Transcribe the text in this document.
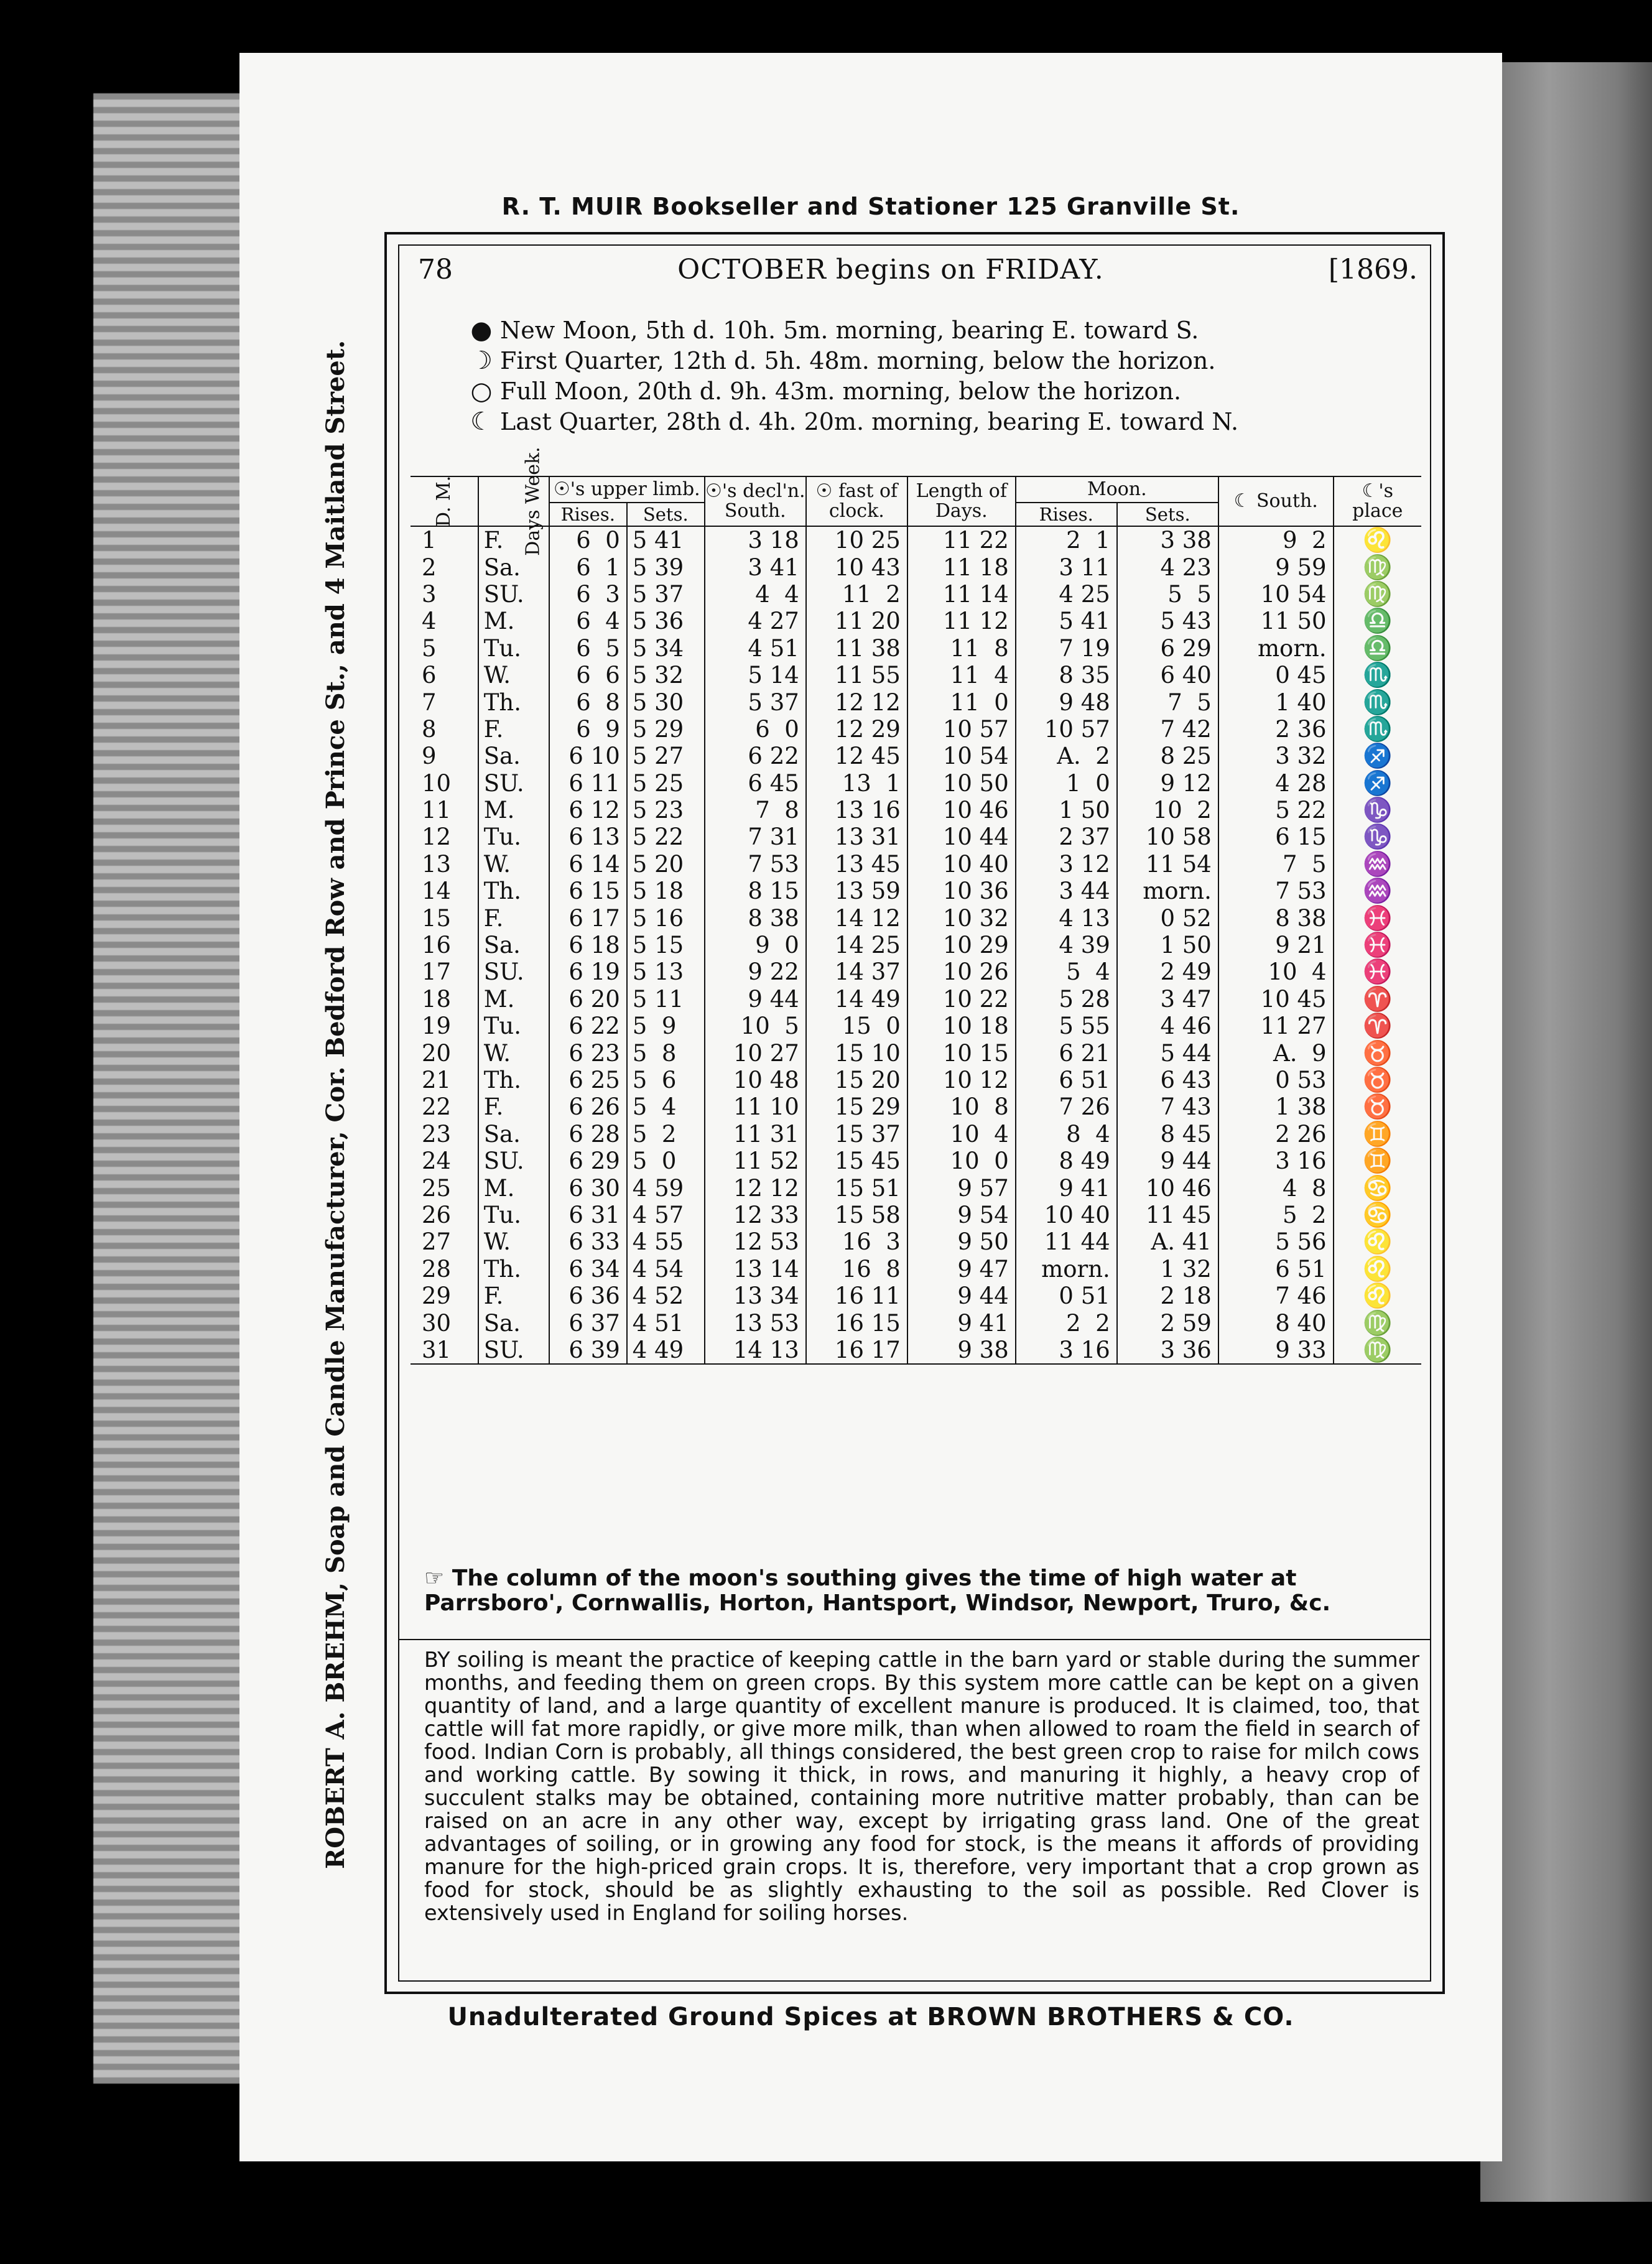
R. T. MUIR Bookseller and Stationer 125 Granville St.
ROBERT A. BREHM, Soap and Candle Manufacturer, Cor. Bedford Row and Prince St., and 4 Maitland Street.
78	OCTOBER begins on FRIDAY.	[1869.
● New Moon, 5th d. 10h. 5m. morning, bearing E. toward S.
☽ First Quarter, 12th d. 5h. 48m. morning, below the horizon.
○ Full Moon, 20th d. 9h. 43m. morning, below the horizon.
☾ Last Quarter, 28th d. 4h. 20m. morning, bearing E. toward N.
D. M.	Days Week.	☉'s upper limb.		☉'s decl'n. South.	☉ fast of clock.	Length of Days.	Moon.		☾ South.	☾'s place
		Rises.	Sets.				Rises.	Sets.		
1	F.	6  0	5 41	3 18	10 25	11 22	2  1	3 38	9  2	♌
2	Sa.	6  1	5 39	3 41	10 43	11 18	3 11	4 23	9 59	♍
3	SU.	6  3	5 37	4  4	11  2	11 14	4 25	5  5	10 54	♍
4	M.	6  4	5 36	4 27	11 20	11 12	5 41	5 43	11 50	♎
5	Tu.	6  5	5 34	4 51	11 38	11  8	7 19	6 29	morn.	♎
6	W.	6  6	5 32	5 14	11 55	11  4	8 35	6 40	0 45	♏
7	Th.	6  8	5 30	5 37	12 12	11  0	9 48	7  5	1 40	♏
8	F.	6  9	5 29	6  0	12 29	10 57	10 57	7 42	2 36	♏
9	Sa.	6 10	5 27	6 22	12 45	10 54	A.  2	8 25	3 32	♐
10	SU.	6 11	5 25	6 45	13  1	10 50	1  0	9 12	4 28	♐
11	M.	6 12	5 23	7  8	13 16	10 46	1 50	10  2	5 22	♑
12	Tu.	6 13	5 22	7 31	13 31	10 44	2 37	10 58	6 15	♑
13	W.	6 14	5 20	7 53	13 45	10 40	3 12	11 54	7  5	♒
14	Th.	6 15	5 18	8 15	13 59	10 36	3 44	morn.	7 53	♒
15	F.	6 17	5 16	8 38	14 12	10 32	4 13	0 52	8 38	♓
16	Sa.	6 18	5 15	9  0	14 25	10 29	4 39	1 50	9 21	♓
17	SU.	6 19	5 13	9 22	14 37	10 26	5  4	2 49	10  4	♓
18	M.	6 20	5 11	9 44	14 49	10 22	5 28	3 47	10 45	♈
19	Tu.	6 22	5  9	10  5	15  0	10 18	5 55	4 46	11 27	♈
20	W.	6 23	5  8	10 27	15 10	10 15	6 21	5 44	A.  9	♉
21	Th.	6 25	5  6	10 48	15 20	10 12	6 51	6 43	0 53	♉
22	F.	6 26	5  4	11 10	15 29	10  8	7 26	7 43	1 38	♉
23	Sa.	6 28	5  2	11 31	15 37	10  4	8  4	8 45	2 26	♊
24	SU.	6 29	5  0	11 52	15 45	10  0	8 49	9 44	3 16	♊
25	M.	6 30	4 59	12 12	15 51	9 57	9 41	10 46	4  8	♋
26	Tu.	6 31	4 57	12 33	15 58	9 54	10 40	11 45	5  2	♋
27	W.	6 33	4 55	12 53	16  3	9 50	11 44	A. 41	5 56	♌
28	Th.	6 34	4 54	13 14	16  8	9 47	morn.	1 32	6 51	♌
29	F.	6 36	4 52	13 34	16 11	9 44	0 51	2 18	7 46	♌
30	Sa.	6 37	4 51	13 53	16 15	9 41	2  2	2 59	8 40	♍
31	SU.	6 39	4 49	14 13	16 17	9 38	3 16	3 36	9 33	♍
☞ The column of the moon's southing gives the time of high water at Parrsboro', Cornwallis, Horton, Hantsport, Windsor, Newport, Truro, &c.
BY soiling is meant the practice of keeping cattle in the barn yard or stable during the summer months, and feeding them on green crops. By this system more cattle can be kept on a given quantity of land, and a large quantity of excellent manure is produced. It is claimed, too, that cattle will fat more rapidly, or give more milk, than when allowed to roam the field in search of food. Indian Corn is probably, all things considered, the best green crop to raise for milch cows and working cattle. By sowing it thick, in rows, and manuring it highly, a heavy crop of succulent stalks may be obtained, containing more nutritive matter probably, than can be raised on an acre in any other way, except by irrigating grass land. One of the great advantages of soiling, or in growing any food for stock, is the means it affords of providing manure for the high-priced grain crops. It is, therefore, very important that a crop grown as food for stock, should be as slightly exhausting to the soil as possible. Red Clover is extensively used in England for soiling horses.
Unadulterated Ground Spices at BROWN BROTHERS & CO.
